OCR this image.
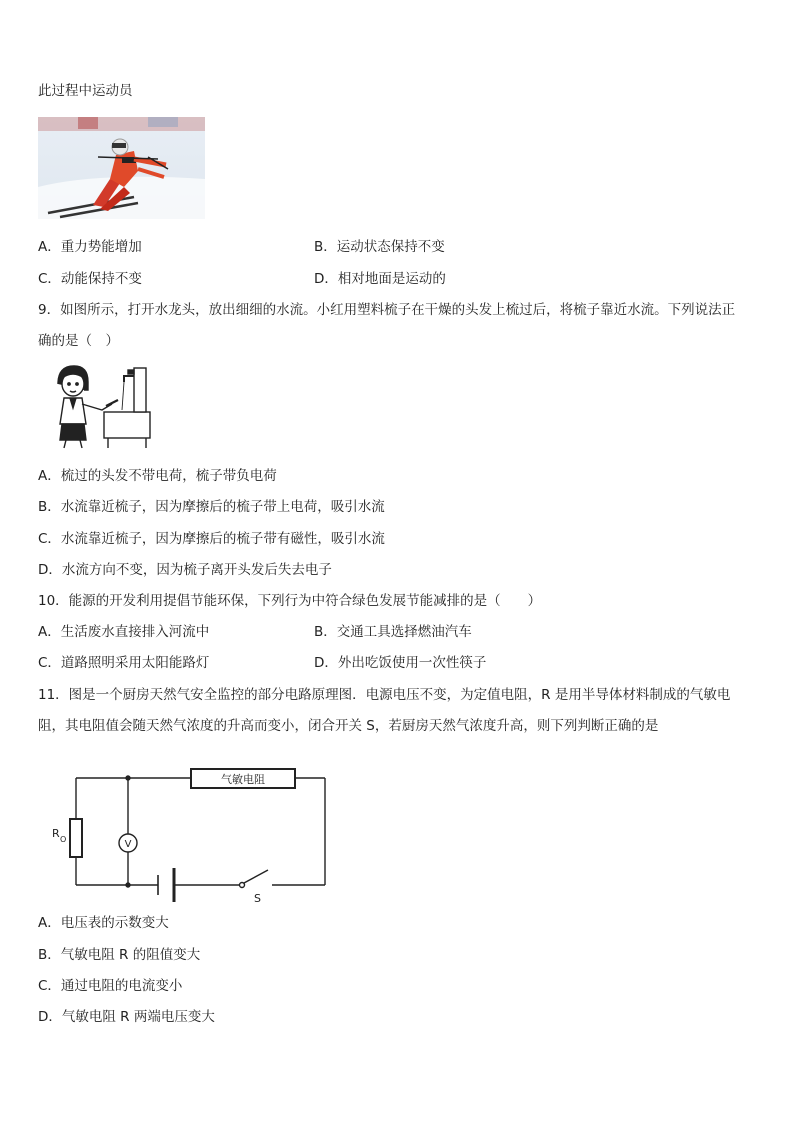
此过程中运动员
A．重力势能增加	B．运动状态保持不变
C．动能保持不变	D．相对地面是运动的
9．如图所示，打开水龙头，放出细细的水流。小红用塑料梳子在干燥的头发上梳过后，将梳子靠近水流。下列说法正
确的是（　）
A．梳过的头发不带电荷，梳子带负电荷
B．水流靠近梳子，因为摩擦后的梳子带上电荷，吸引水流
C．水流靠近梳子，因为摩擦后的梳子带有磁性，吸引水流
D．水流方向不变，因为梳子离开头发后失去电子
10．能源的开发利用提倡节能环保，下列行为中符合绿色发展节能减排的是（　　）
A．生活废水直接排入河流中	B．交通工具选择燃油汽车
C．道路照明采用太阳能路灯	D．外出吃饭使用一次性筷子
11．图是一个厨房天然气安全监控的部分电路原理图．电源电压不变，为定值电阻，R 是用半导体材料制成的气敏电
阻，其电阻值会随天然气浓度的升高而变小，闭合开关 S，若厨房天然气浓度升高，则下列判断正确的是
气敏电阻
R O	V
S
A．电压表的示数变大
B．气敏电阻 R 的阻值变大
C．通过电阻的电流变小
D．气敏电阻 R 两端电压变大
